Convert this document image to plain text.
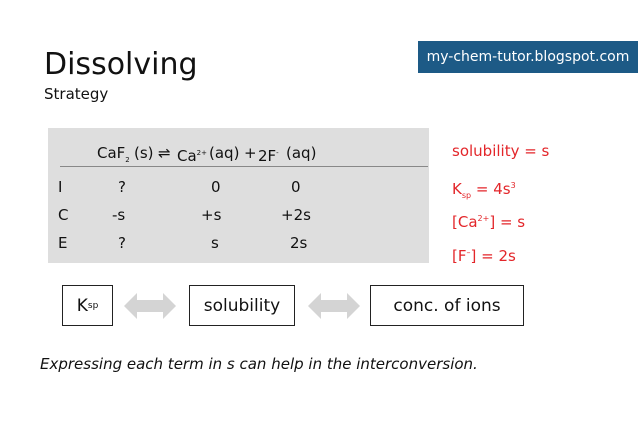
Dissolving
Strategy
my-chem-tutor.blogspot.com
CaF$_2$ (s) ⇌ $Ca^{2+}$ (aq) + 2F- (aq)
I	?	0	0
C	-s	+s	+2s
E	?	s	2s
solubility = s
$K_{sp} = 4s^3$
$[Ca^{2+}] = s$
[F–] = 2s
K sp	solubility	conc. of ions
Expressing each term in s can help in the interconversion.
